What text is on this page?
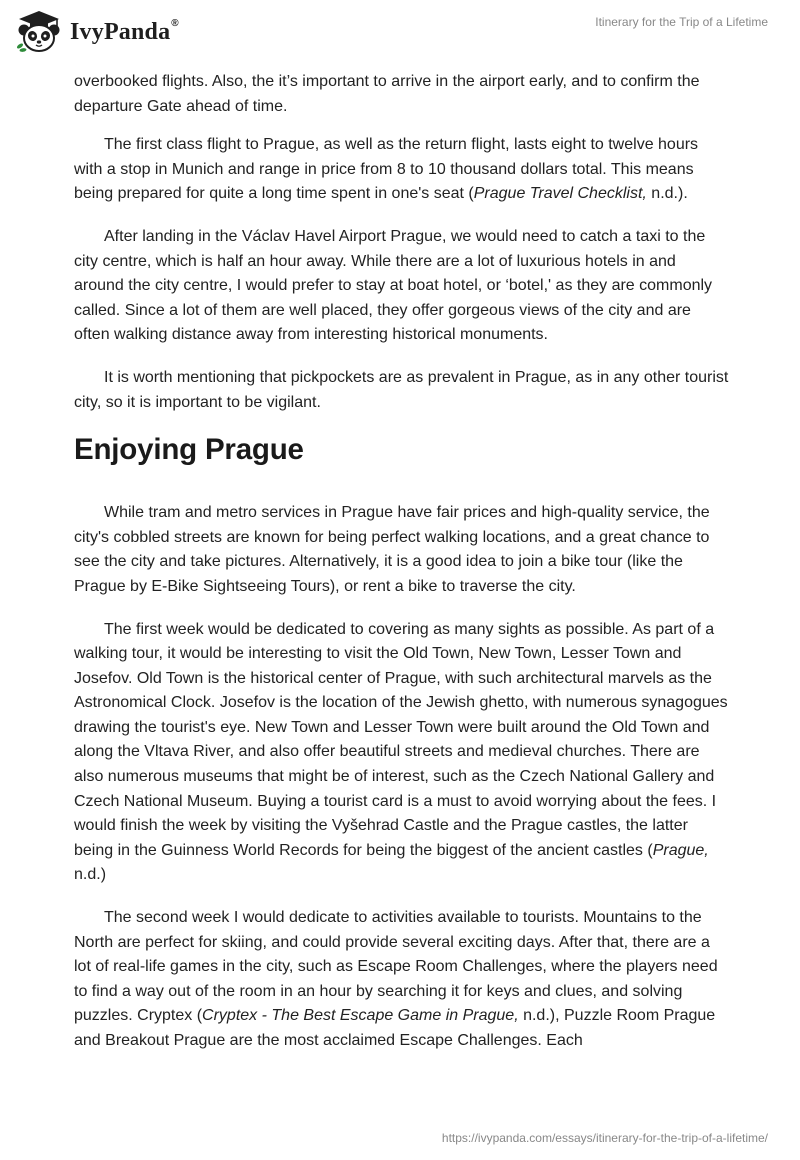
IvyPanda®	Itinerary for the Trip of a Lifetime

overbooked flights. Also, the it’s important to arrive in the airport early, and to confirm the departure Gate ahead of time.

The first class flight to Prague, as well as the return flight, lasts eight to twelve hours with a stop in Munich and range in price from 8 to 10 thousand dollars total. This means being prepared for quite a long time spent in one's seat (Prague Travel Checklist, n.d.).

After landing in the Václav Havel Airport Prague, we would need to catch a taxi to the city centre, which is half an hour away. While there are a lot of luxurious hotels in and around the city centre, I would prefer to stay at boat hotel, or ‘botel,' as they are commonly called. Since a lot of them are well placed, they offer gorgeous views of the city and are often walking distance away from interesting historical monuments.

It is worth mentioning that pickpockets are as prevalent in Prague, as in any other tourist city, so it is important to be vigilant.

Enjoying Prague

While tram and metro services in Prague have fair prices and high-quality service, the city's cobbled streets are known for being perfect walking locations, and a great chance to see the city and take pictures. Alternatively, it is a good idea to join a bike tour (like the Prague by E-Bike Sightseeing Tours), or rent a bike to traverse the city.

The first week would be dedicated to covering as many sights as possible. As part of a walking tour, it would be interesting to visit the Old Town, New Town, Lesser Town and Josefov. Old Town is the historical center of Prague, with such architectural marvels as the Astronomical Clock. Josefov is the location of the Jewish ghetto, with numerous synagogues drawing the tourist's eye. New Town and Lesser Town were built around the Old Town and along the Vltava River, and also offer beautiful streets and medieval churches. There are also numerous museums that might be of interest, such as the Czech National Gallery and Czech National Museum. Buying a tourist card is a must to avoid worrying about the fees. I would finish the week by visiting the Vyšehrad Castle and the Prague castles, the latter being in the Guinness World Records for being the biggest of the ancient castles (Prague, n.d.)

The second week I would dedicate to activities available to tourists. Mountains to the North are perfect for skiing, and could provide several exciting days. After that, there are a lot of real-life games in the city, such as Escape Room Challenges, where the players need to find a way out of the room in an hour by searching it for keys and clues, and solving puzzles. Cryptex (Cryptex - The Best Escape Game in Prague, n.d.), Puzzle Room Prague and Breakout Prague are the most acclaimed Escape Challenges. Each

https://ivypanda.com/essays/itinerary-for-the-trip-of-a-lifetime/
